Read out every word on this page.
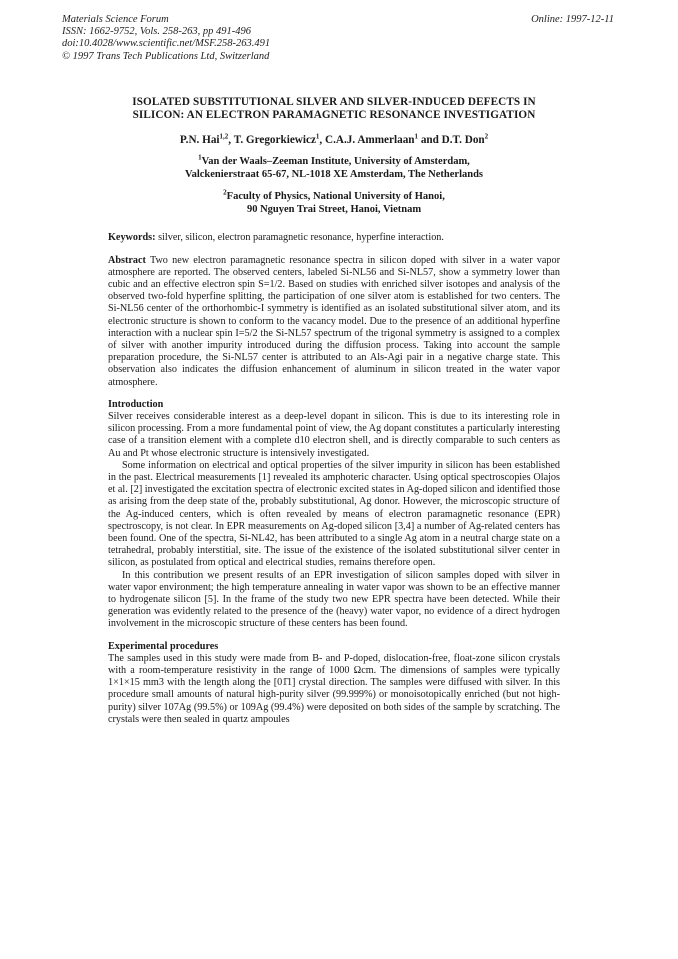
Materials Science Forum
ISSN: 1662-9752, Vols. 258-263, pp 491-496
doi:10.4028/www.scientific.net/MSF.258-263.491
© 1997 Trans Tech Publications Ltd, Switzerland
Online: 1997-12-11
ISOLATED SUBSTITUTIONAL SILVER AND SILVER-INDUCED DEFECTS IN
SILICON: AN ELECTRON PARAMAGNETIC RESONANCE INVESTIGATION
P.N. Hai$^{1,2}$, T. Gregorkiewicz$^1$, C.A.J. Ammerlaan$^1$ and D.T. Don$^2$
$^1$Van der Waals–Zeeman Institute, University of Amsterdam,
Valckenierstraat 65-67, NL-1018 XE Amsterdam, The Netherlands
$^2$Faculty of Physics, National University of Hanoi,
90 Nguyen Trai Street, Hanoi, Vietnam

Keywords: silver, silicon, electron paramagnetic resonance, hyperfine interaction.

Abstract Two new electron paramagnetic resonance spectra in silicon doped with silver in a water vapor atmosphere are reported. The observed centers, labeled Si-NL56 and Si-NL57, show a symmetry lower than cubic and an effective electron spin S=1/2. Based on studies with enriched silver isotopes and analysis of the observed two-fold hyperfine splitting, the participation of one silver atom is established for two centers. The Si-NL56 center of the orthorhombic-I symmetry is identified as an isolated substitutional silver atom, and its electronic structure is shown to conform to the vacancy model. Due to the presence of an additional hyperfine interaction with a nuclear spin I=5/2 the Si-NL57 spectrum of the trigonal symmetry is assigned to a complex of silver with another impurity introduced during the diffusion process. Taking into account the sample preparation procedure, the Si-NL57 center is attributed to an Als-Agi pair in a negative charge state. This observation also indicates the diffusion enhancement of aluminum in silicon treated in the water vapor atmosphere.

Introduction

Silver receives considerable interest as a deep-level dopant in silicon. This is due to its interesting role in silicon processing. From a more fundamental point of view, the Ag dopant constitutes a particularly interesting case of a transition element with a complete d10 electron shell, and is directly comparable to such centers as Au and Pt whose electronic structure is intensively investigated.

Some information on electrical and optical properties of the silver impurity in silicon has been established in the past. Electrical measurements [1] revealed its amphoteric character. Using optical spectroscopies Olajos et al. [2] investigated the excitation spectra of electronic excited states in Ag-doped silicon and identified those as arising from the deep state of the, probably substitutional, Ag donor. However, the microscopic structure of the Ag-induced centers, which is often revealed by means of electron paramagnetic resonance (EPR) spectroscopy, is not clear. In EPR measurements on Ag-doped silicon [3,4] a number of Ag-related centers has been found. One of the spectra, Si-NL42, has been attributed to a single Ag atom in a neutral charge state on a tetrahedral, probably interstitial, site. The issue of the existence of the isolated substitutional silver center in silicon, as postulated from optical and electrical studies, remains therefore open.

In this contribution we present results of an EPR investigation of silicon samples doped with silver in water vapor environment; the high temperature annealing in water vapor was shown to be an effective manner to hydrogenate silicon [5]. In the frame of the study two new EPR spectra have been detected. While their generation was evidently related to the presence of the (heavy) water vapor, no evidence of a direct hydrogen involvement in the microscopic structure of these centers has been found.

Experimental procedures

The samples used in this study were made from B- and P-doped, dislocation-free, float-zone silicon crystals with a room-temperature resistivity in the range of 1000 Ωcm. The dimensions of samples were typically 1×1×15 mm3 with the length along the [01̄1] crystal direction. The samples were diffused with silver. In this procedure small amounts of natural high-purity silver (99.999%) or monoisotopically enriched (but not high-purity) silver 107Ag (99.5%) or 109Ag (99.4%) were deposited on both sides of the sample by scratching. The crystals were then sealed in quartz ampoules
